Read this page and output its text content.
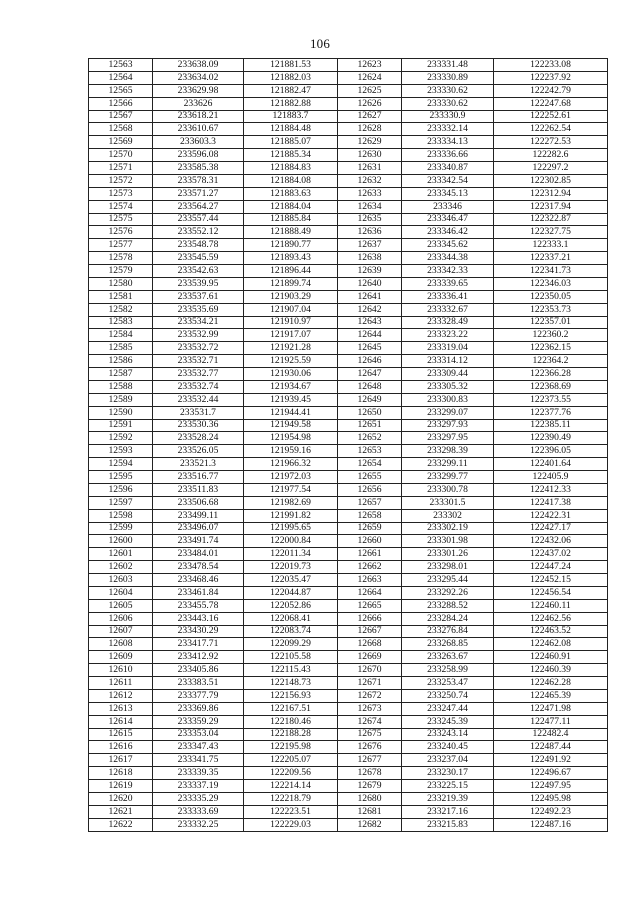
106
12563	233638.09	121881.53	12623	233331.48	122233.08
12564	233634.02	121882.03	12624	233330.89	122237.92
12565	233629.98	121882.47	12625	233330.62	122242.79
12566	233626	121882.88	12626	233330.62	122247.68
12567	233618.21	121883.7	12627	233330.9	122252.61
12568	233610.67	121884.48	12628	233332.14	122262.54
12569	233603.3	121885.07	12629	233334.13	122272.53
12570	233596.08	121885.34	12630	233336.66	122282.6
12571	233585.38	121884.83	12631	233340.87	122297.2
12572	233578.31	121884.08	12632	233342.54	122302.85
12573	233571.27	121883.63	12633	233345.13	122312.94
12574	233564.27	121884.04	12634	233346	122317.94
12575	233557.44	121885.84	12635	233346.47	122322.87
12576	233552.12	121888.49	12636	233346.42	122327.75
12577	233548.78	121890.77	12637	233345.62	122333.1
12578	233545.59	121893.43	12638	233344.38	122337.21
12579	233542.63	121896.44	12639	233342.33	122341.73
12580	233539.95	121899.74	12640	233339.65	122346.03
12581	233537.61	121903.29	12641	233336.41	122350.05
12582	233535.69	121907.04	12642	233332.67	122353.73
12583	233534.21	121910.97	12643	233328.49	122357.01
12584	233532.99	121917.07	12644	233323.22	122360.2
12585	233532.72	121921.28	12645	233319.04	122362.15
12586	233532.71	121925.59	12646	233314.12	122364.2
12587	233532.77	121930.06	12647	233309.44	122366.28
12588	233532.74	121934.67	12648	233305.32	122368.69
12589	233532.44	121939.45	12649	233300.83	122373.55
12590	233531.7	121944.41	12650	233299.07	122377.76
12591	233530.36	121949.58	12651	233297.93	122385.11
12592	233528.24	121954.98	12652	233297.95	122390.49
12593	233526.05	121959.16	12653	233298.39	122396.05
12594	233521.3	121966.32	12654	233299.11	122401.64
12595	233516.77	121972.03	12655	233299.77	122405.9
12596	233511.83	121977.54	12656	233300.78	122412.33
12597	233506.68	121982.69	12657	233301.5	122417.38
12598	233499.11	121991.82	12658	233302	122422.31
12599	233496.07	121995.65	12659	233302.19	122427.17
12600	233491.74	122000.84	12660	233301.98	122432.06
12601	233484.01	122011.34	12661	233301.26	122437.02
12602	233478.54	122019.73	12662	233298.01	122447.24
12603	233468.46	122035.47	12663	233295.44	122452.15
12604	233461.84	122044.87	12664	233292.26	122456.54
12605	233455.78	122052.86	12665	233288.52	122460.11
12606	233443.16	122068.41	12666	233284.24	122462.56
12607	233430.29	122083.74	12667	233276.84	122463.52
12608	233417.71	122099.29	12668	233268.85	122462.08
12609	233412.92	122105.58	12669	233263.67	122460.91
12610	233405.86	122115.43	12670	233258.99	122460.39
12611	233383.51	122148.73	12671	233253.47	122462.28
12612	233377.79	122156.93	12672	233250.74	122465.39
12613	233369.86	122167.51	12673	233247.44	122471.98
12614	233359.29	122180.46	12674	233245.39	122477.11
12615	233353.04	122188.28	12675	233243.14	122482.4
12616	233347.43	122195.98	12676	233240.45	122487.44
12617	233341.75	122205.07	12677	233237.04	122491.92
12618	233339.35	122209.56	12678	233230.17	122496.67
12619	233337.19	122214.14	12679	233225.15	122497.95
12620	233335.29	122218.79	12680	233219.39	122495.98
12621	233333.69	122223.51	12681	233217.16	122492.23
12622	233332.25	122229.03	12682	233215.83	122487.16
